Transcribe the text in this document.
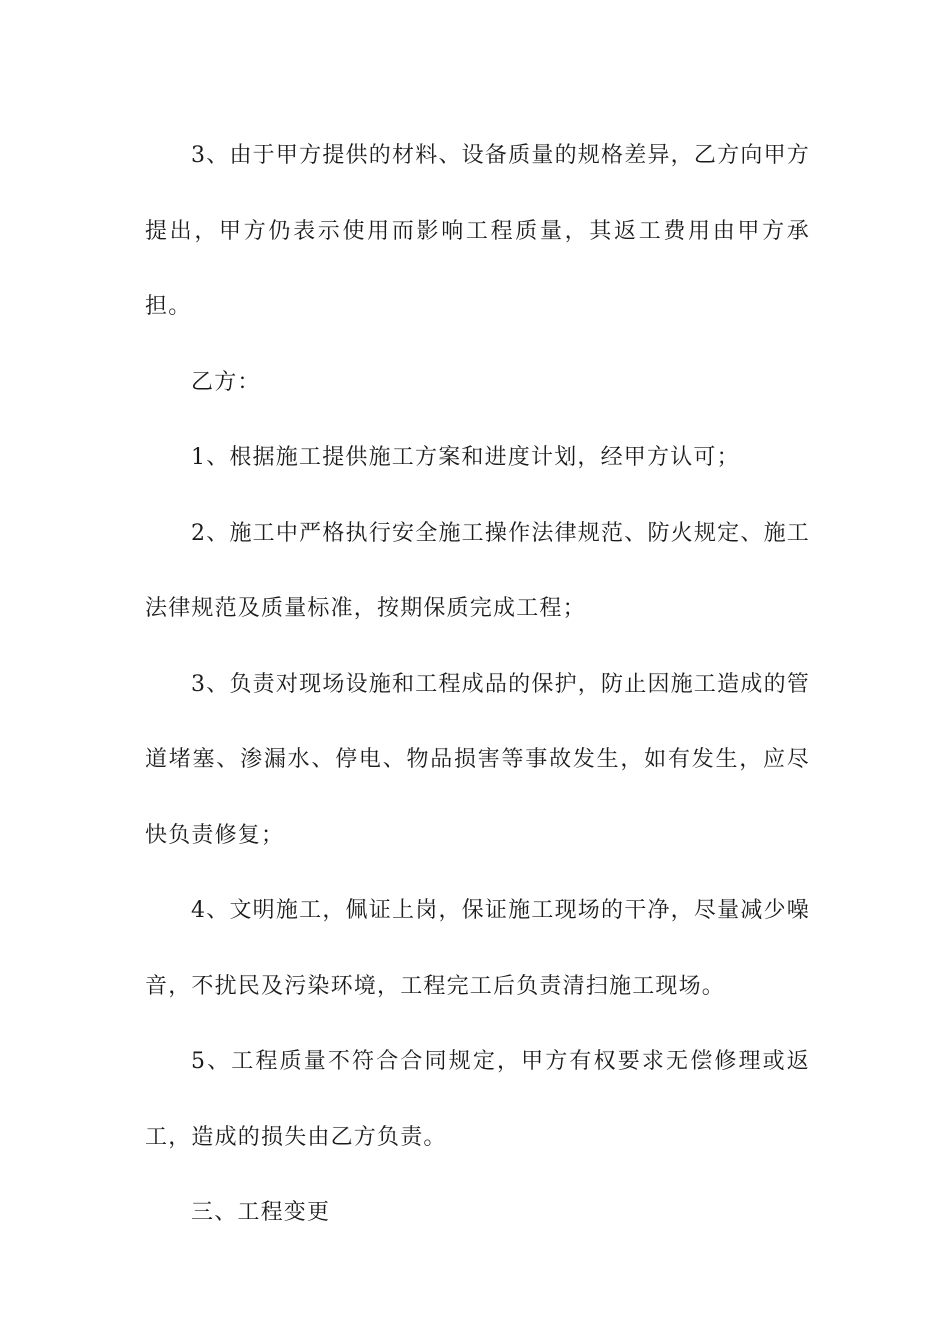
3、由于甲方提供的材料、设备质量的规格差异，乙方向甲方提出，甲方仍表示使用而影响工程质量，其返工费用由甲方承担。

乙方：

1、根据施工提供施工方案和进度计划，经甲方认可；

2、施工中严格执行安全施工操作法律规范、防火规定、施工法律规范及质量标准，按期保质完成工程；

3、负责对现场设施和工程成品的保护，防止因施工造成的管道堵塞、渗漏水、停电、物品损害等事故发生，如有发生，应尽快负责修复；

4、文明施工，佩证上岗，保证施工现场的干净，尽量减少噪音，不扰民及污染环境，工程完工后负责清扫施工现场。

5、工程质量不符合合同规定，甲方有权要求无偿修理或返工，造成的损失由乙方负责。

三、工程变更
